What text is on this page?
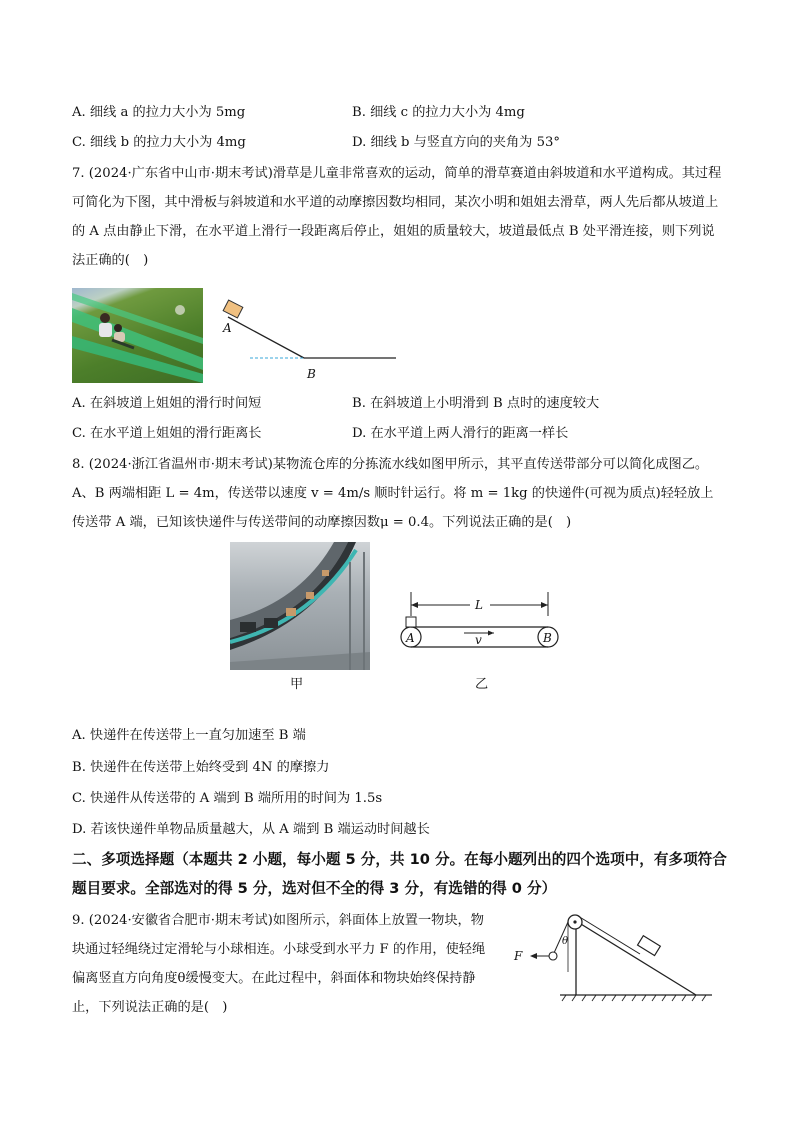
A. 细线 a 的拉力大小为 5mg	B. 细线 c 的拉力大小为 4mg
C. 细线 b 的拉力大小为 4mg	D. 细线 b 与竖直方向的夹角为 53°
7. (2024·广东省中山市·期末考试)滑草是儿童非常喜欢的运动，简单的滑草赛道由斜坡道和水平道构成。其过程可简化为下图，其中滑板与斜坡道和水平道的动摩擦因数均相同，某次小明和姐姐去滑草，两人先后都从坡道上的 A 点由静止下滑，在水平道上滑行一段距离后停止，姐姐的质量较大，坡道最低点 B 处平滑连接，则下列说法正确的(　)
A
B
A. 在斜坡道上姐姐的滑行时间短	B. 在斜坡道上小明滑到 B 点时的速度较大
C. 在水平道上姐姐的滑行距离长	D. 在水平道上两人滑行的距离一样长
8. (2024·浙江省温州市·期末考试)某物流仓库的分拣流水线如图甲所示，其平直传送带部分可以简化成图乙。A、B 两端相距 L = 4m，传送带以速度 v = 4m/s 顺时针运行。将 m = 1kg 的快递件(可视为质点)轻轻放上传送带 A 端，已知该快递件与传送带间的动摩擦因数μ = 0.4。下列说法正确的是(　)
甲
L
A	B
v
乙
A. 快递件在传送带上一直匀加速至 B 端
B. 快递件在传送带上始终受到 4N 的摩擦力
C. 快递件从传送带的 A 端到 B 端所用的时间为 1.5s
D. 若该快递件单物品质量越大，从 A 端到 B 端运动时间越长
二、多项选择题（本题共 2 小题，每小题 5 分，共 10 分。在每小题列出的四个选项中，有多项符合题目要求。全部选对的得 5 分，选对但不全的得 3 分，有选错的得 0 分）
9. (2024·安徽省合肥市·期末考试)如图所示，斜面体上放置一物块，物块通过轻绳绕过定滑轮与小球相连。小球受到水平力 F 的作用，使轻绳偏离竖直方向角度θ缓慢变大。在此过程中，斜面体和物块始终保持静止，下列说法正确的是(　)
F
θ
